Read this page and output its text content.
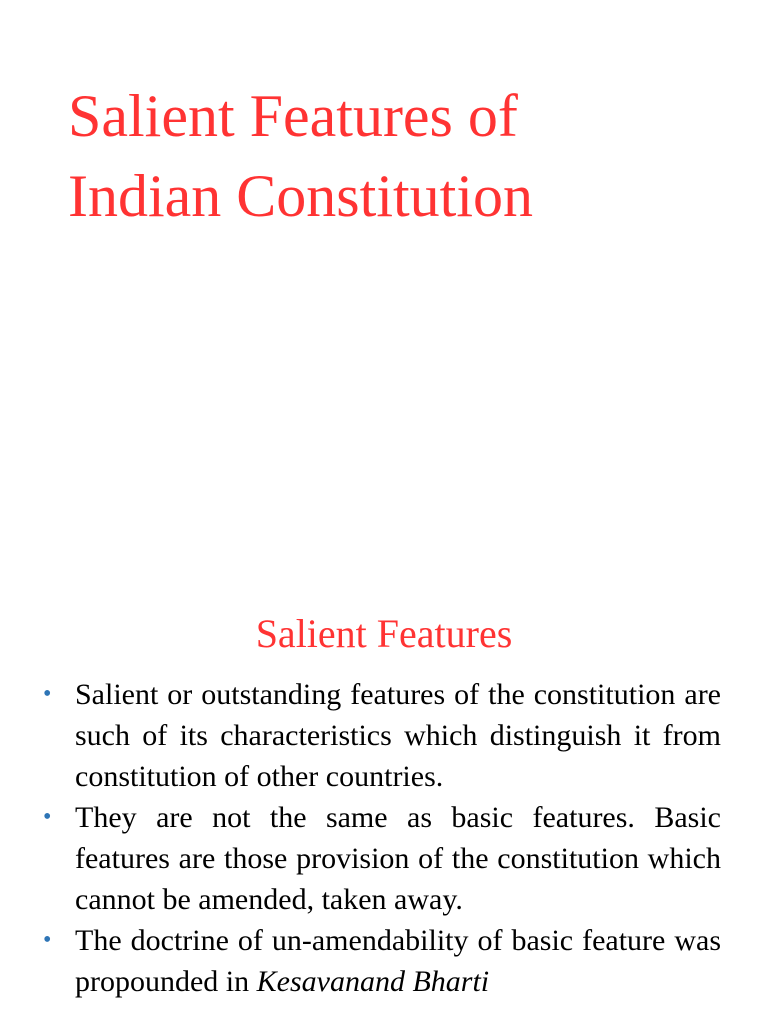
Salient Features of
Indian Constitution
Salient Features
• Salient or outstanding features of the constitution are such of its characteristics which distinguish it from constitution of other countries.
• They are not the same as basic features. Basic features are those provision of the constitution which cannot be amended, taken away.
• The doctrine of un-amendability of basic feature was propounded in Kesavanand Bharti
